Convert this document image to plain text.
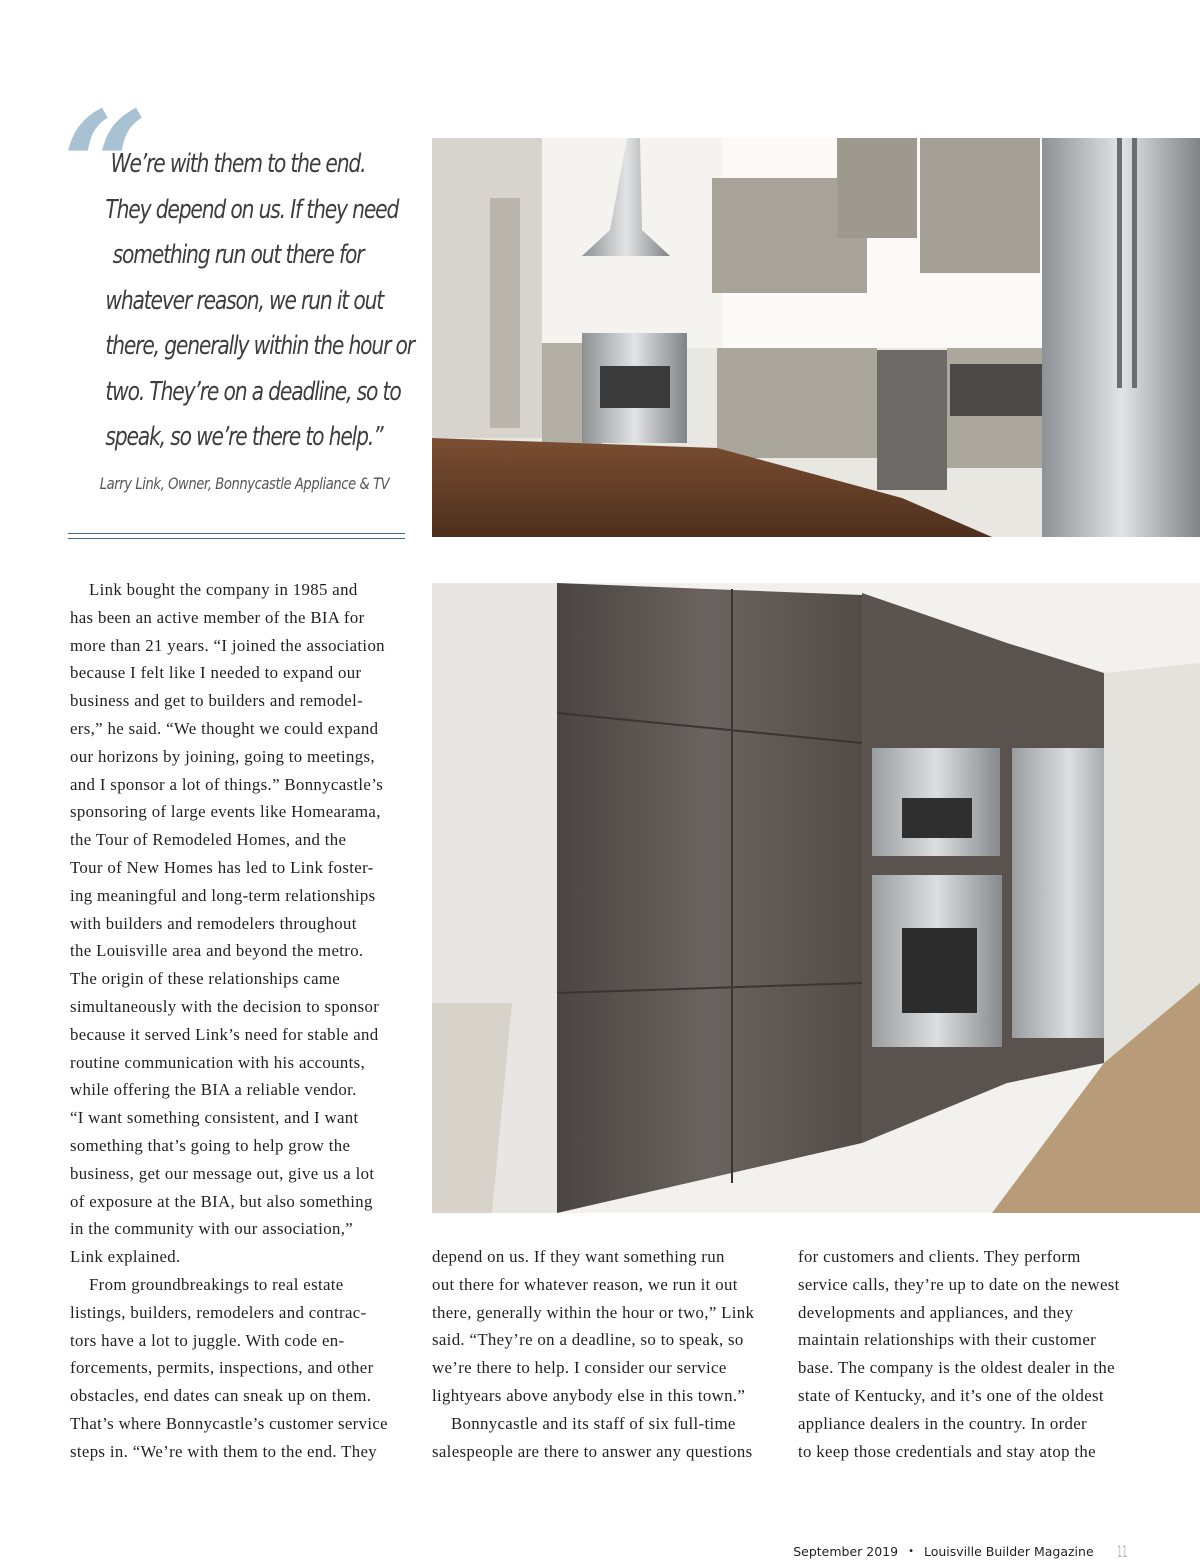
“
We’re with them to the end.
They depend on us. If they need
something run out there for
whatever reason, we run it out
there, generally within the hour or
two. They’re on a deadline, so to
speak, so we’re there to help.”
Larry Link, Owner, Bonnycastle Appliance & TV
Link bought the company in 1985 and
has been an active member of the BIA for
more than 21 years. “I joined the association
because I felt like I needed to expand our
business and get to builders and remodel-
ers,” he said. “We thought we could expand
our horizons by joining, going to meetings,
and I sponsor a lot of things.” Bonnycastle’s
sponsoring of large events like Homearama,
the Tour of Remodeled Homes, and the
Tour of New Homes has led to Link foster-
ing meaningful and long-term relationships
with builders and remodelers throughout
the Louisville area and beyond the metro.
The origin of these relationships came
simultaneously with the decision to sponsor
because it served Link’s need for stable and
routine communication with his accounts,
while offering the BIA a reliable vendor.
“I want something consistent, and I want
something that’s going to help grow the
business, get our message out, give us a lot
of exposure at the BIA, but also something
in the community with our association,”
Link explained.
From groundbreakings to real estate
listings, builders, remodelers and contrac-
tors have a lot to juggle. With code en-
forcements, permits, inspections, and other
obstacles, end dates can sneak up on them.
That’s where Bonnycastle’s customer service
steps in. “We’re with them to the end. They
depend on us. If they want something run
out there for whatever reason, we run it out
there, generally within the hour or two,” Link
said. “They’re on a deadline, so to speak, so
we’re there to help. I consider our service
lightyears above anybody else in this town.”
Bonnycastle and its staff of six full-time
salespeople are there to answer any questions
for customers and clients. They perform
service calls, they’re up to date on the newest
developments and appliances, and they
maintain relationships with their customer
base. The company is the oldest dealer in the
state of Kentucky, and it’s one of the oldest
appliance dealers in the country. In order
to keep those credentials and stay atop the
September 2019 • Louisville Builder Magazine 11
